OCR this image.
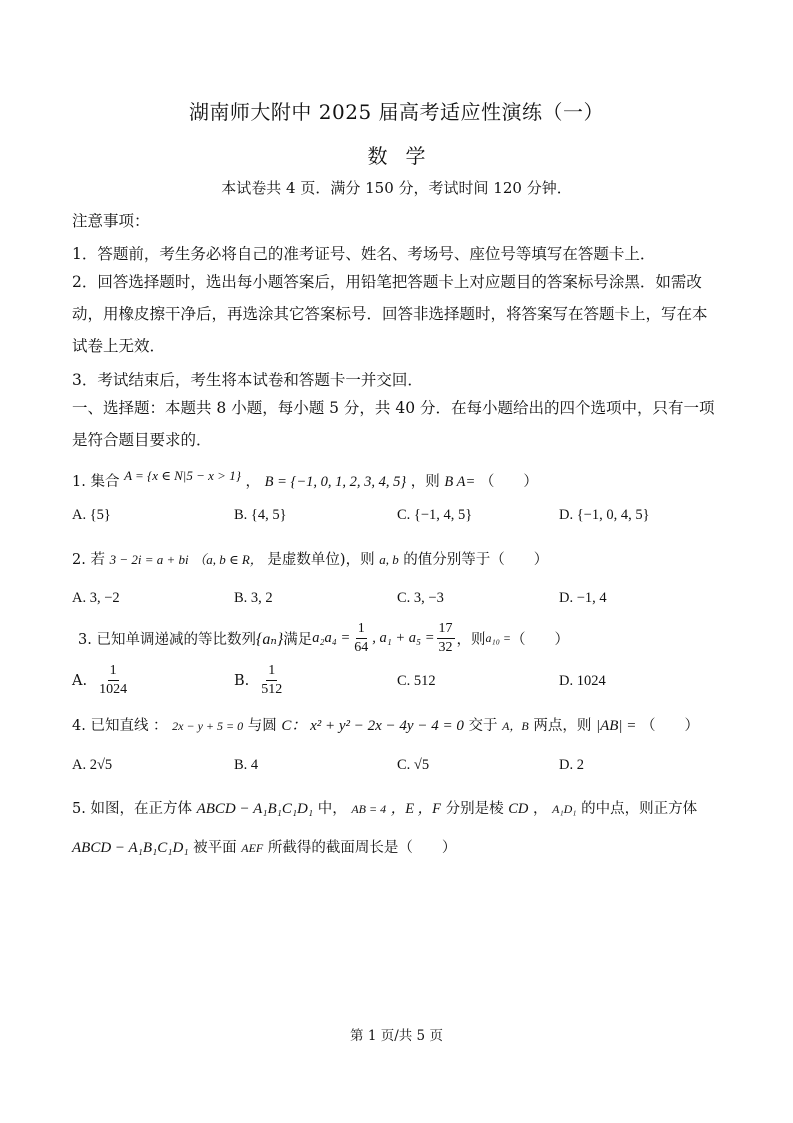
湖南师大附中 2025 届高考适应性演练（一）
数学
本试卷共 4 页．满分 150 分，考试时间 120 分钟．
注意事项：
1．答题前，考生务必将自己的准考证号、姓名、考场号、座位号等填写在答题卡上．
2．回答选择题时，选出每小题答案后，用铅笔把答题卡上对应题目的答案标号涂黑．如需改动，用橡皮擦干净后，再选涂其它答案标号．回答非选择题时，将答案写在答题卡上，写在本试卷上无效．
3．考试结束后，考生将本试卷和答题卡一并交回．
一、选择题：本题共 8 小题，每小题 5 分，共 40 分．在每小题给出的四个选项中，只有一项是符合题目要求的．
1. 集合 A = {x ∈ N|5 − x > 1} ， B = {−1, 0, 1, 2, 3, 4, 5} ，则 B A= （　　）
A. {5}	B. {4, 5}	C. {−1, 4, 5}	D. {−1, 0, 4, 5}
2. 若 3 − 2i = a + bi （a, b ∈ R， 是虚数单位)，则 a, b 的值分别等于（　　）
A. 3, −2	B. 3, 2	C. 3, −3	D. −1, 4
3. 已知单调递减的等比数列 {aₙ} 满足 $a_2a_4 = \frac{1}{64}$ , $a_1 + a_5 = \frac{17}{32}$ ，则 a₁₀ = （　　）
A. $\frac{1}{1024}$	B. $\frac{1}{512}$	C. 512	D. 1024
4. 已知直线 ： 2x − y + 5 = 0 与圆 C： x² + y² − 2x − 4y − 4 = 0 交于 A，B 两点，则 |AB| = （　　）
A. 2√5	B. 4	C. √5	D. 2
5. 如图，在正方体 ABCD − A₁B₁C₁D₁ 中， AB = 4 ，E ，F 分别是棱 CD ， A₁D₁ 的中点，则正方体
ABCD − A₁B₁C₁D₁ 被平面 AEF 所截得的截面周长是（　　）
第 1 页/共 5 页
